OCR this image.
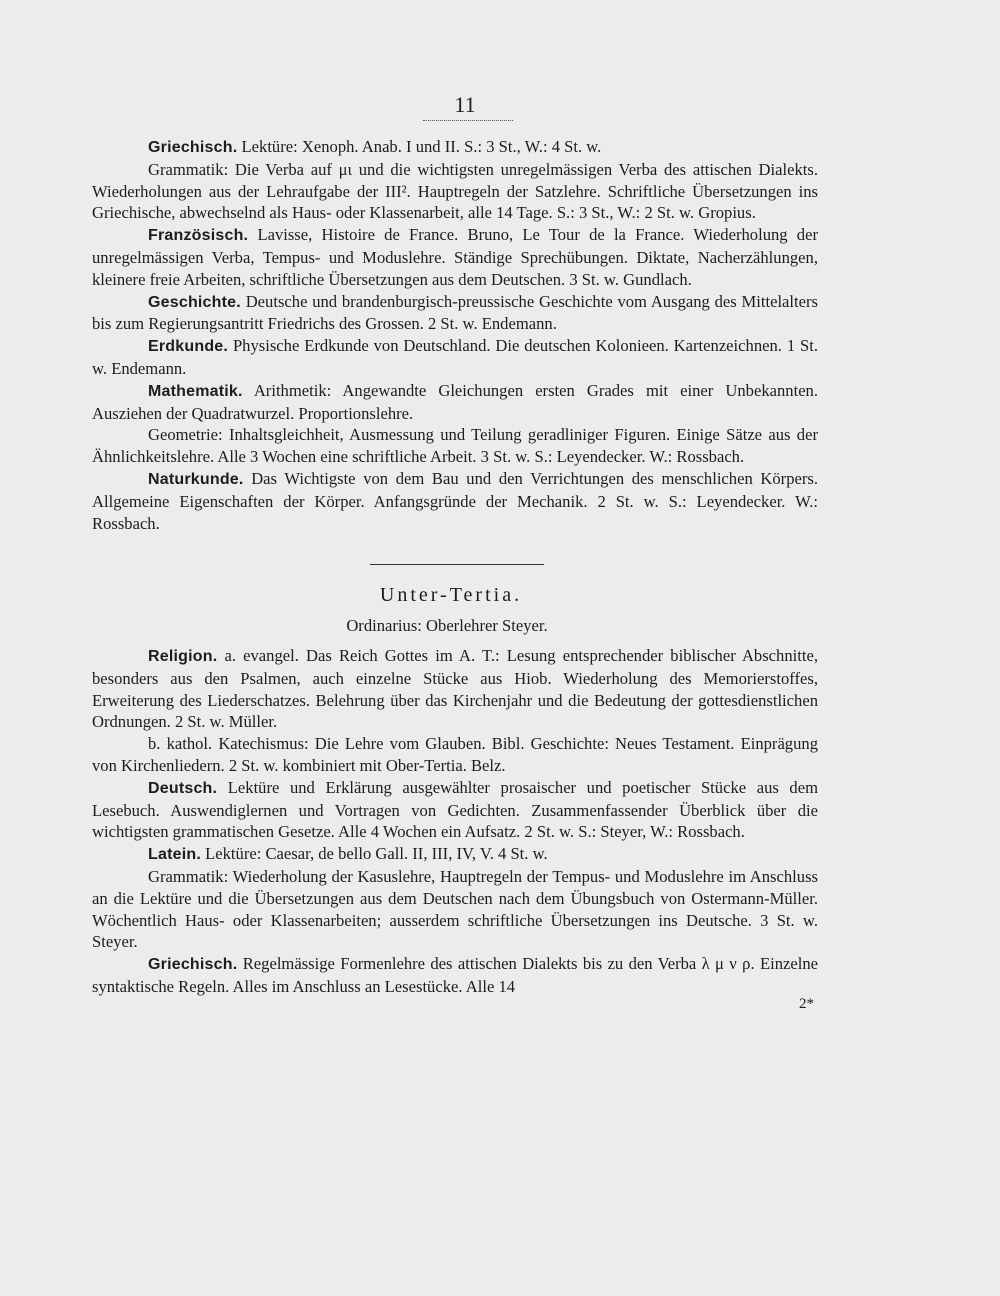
11

Griechisch. Lektüre: Xenoph. Anab. I und II. S.: 3 St., W.: 4 St. w.

Grammatik: Die Verba auf μι und die wichtigsten unregelmässigen Verba des attischen Dialekts. Wiederholungen aus der Lehraufgabe der III². Hauptregeln der Satzlehre. Schriftliche Übersetzungen ins Griechische, abwechselnd als Haus- oder Klassenarbeit, alle 14 Tage. S.: 3 St., W.: 2 St. w. Gropius.

Französisch. Lavisse, Histoire de France. Bruno, Le Tour de la France. Wiederholung der unregelmässigen Verba, Tempus- und Moduslehre. Ständige Sprechübungen. Diktate, Nacherzählungen, kleinere freie Arbeiten, schriftliche Übersetzungen aus dem Deutschen. 3 St. w. Gundlach.

Geschichte. Deutsche und brandenburgisch-preussische Geschichte vom Ausgang des Mittelalters bis zum Regierungsantritt Friedrichs des Grossen. 2 St. w. Endemann.

Erdkunde. Physische Erdkunde von Deutschland. Die deutschen Kolonieen. Kartenzeichnen. 1 St. w. Endemann.

Mathematik. Arithmetik: Angewandte Gleichungen ersten Grades mit einer Unbekannten. Ausziehen der Quadratwurzel. Proportionslehre.

Geometrie: Inhaltsgleichheit, Ausmessung und Teilung geradliniger Figuren. Einige Sätze aus der Ähnlichkeitslehre. Alle 3 Wochen eine schriftliche Arbeit. 3 St. w. S.: Leyendecker. W.: Rossbach.

Naturkunde. Das Wichtigste von dem Bau und den Verrichtungen des menschlichen Körpers. Allgemeine Eigenschaften der Körper. Anfangsgründe der Mechanik. 2 St. w. S.: Leyendecker. W.: Rossbach.

Unter-Tertia.
Ordinarius: Oberlehrer Steyer.

Religion. a. evangel. Das Reich Gottes im A. T.: Lesung entsprechender biblischer Abschnitte, besonders aus den Psalmen, auch einzelne Stücke aus Hiob. Wiederholung des Memorierstoffes, Erweiterung des Liederschatzes. Belehrung über das Kirchenjahr und die Bedeutung der gottesdienstlichen Ordnungen. 2 St. w. Müller.

b. kathol. Katechismus: Die Lehre vom Glauben. Bibl. Geschichte: Neues Testament. Einprägung von Kirchenliedern. 2 St. w. kombiniert mit Ober-Tertia. Belz.

Deutsch. Lektüre und Erklärung ausgewählter prosaischer und poetischer Stücke aus dem Lesebuch. Auswendiglernen und Vortragen von Gedichten. Zusammenfassender Überblick über die wichtigsten grammatischen Gesetze. Alle 4 Wochen ein Aufsatz. 2 St. w. S.: Steyer, W.: Rossbach.

Latein. Lektüre: Caesar, de bello Gall. II, III, IV, V. 4 St. w.

Grammatik: Wiederholung der Kasuslehre, Hauptregeln der Tempus- und Moduslehre im Anschluss an die Lektüre und die Übersetzungen aus dem Deutschen nach dem Übungsbuch von Ostermann-Müller. Wöchentlich Haus- oder Klassenarbeiten; ausserdem schriftliche Übersetzungen ins Deutsche. 3 St. w. Steyer.

Griechisch. Regelmässige Formenlehre des attischen Dialekts bis zu den Verba λ μ ν ρ. Einzelne syntaktische Regeln. Alles im Anschluss an Lesestücke. Alle 14

2*
